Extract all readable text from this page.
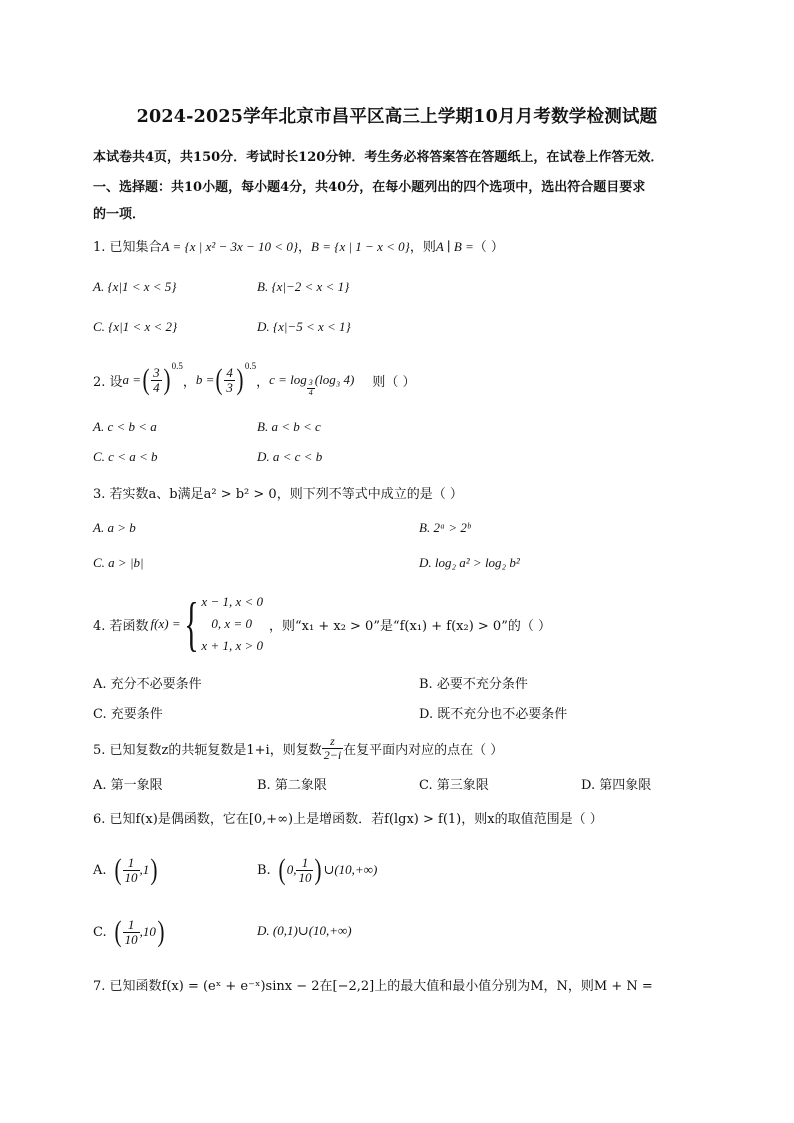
2024-2025学年北京市昌平区高三上学期10月月考数学检测试题
本试卷共4页，共150分．考试时长120分钟．考生务必将答案答在答题纸上，在试卷上作答无效．
一、选择题：共10小题，每小题4分，共40分，在每小题列出的四个选项中，选出符合题目要求
的一项．
1. 已知集合A = {x | x² − 3x − 10 < 0}，B = {x | 1 − x < 0}，则A ∣ B =（ ）
A. {x|1 < x < 5}	B. {x|−2 < x < 1}
C. {x|1 < x < 2}	D. {x|−5 < x < 1}
2. 设 a = ( $\frac{3}{4}$ ) 0.5
， b = ( $\frac{4}{3}$ ) 0.5
， $c = \log \frac{3}{4} (\log_3$ 4) 则（ ）
A. c < b < a	B. a < b < c
C. c < a < b	D. a < c < b
3. 若实数a、b满足a² > b² > 0，则下列不等式中成立的是（ ）
A. a > b	B. 2ᵃ > 2ᵇ
C. a > |b|	D. log₂ a² > log₂ b²
4. 若函数 f(x) = { x − 1, x < 0
0, x = 0
x + 1, x > 0
，则“x₁ + x₂ > 0”是“f(x₁) + f(x₂) > 0”的（ ）
A. 充分不必要条件	B. 必要不充分条件
C. 充要条件	D. 既不充分也不必要条件
5. 已知复数z的共轭复数是1+i，则复数 $\frac{z}{2-i}$ 在复平面内对应的点在（ ）
A. 第一象限	B. 第二象限	C. 第三象限	D. 第四象限
6. 已知f(x)是偶函数，它在[0,+∞)上是增函数．若f(lgx) > f(1)，则x的取值范围是（ ）
A. ( $\frac{1}{10} ,1$ )	B. ( 0, $\frac{1}{10}$ ) ∪(10,+∞)
C. ( $\frac{1}{10} ,10$ )	D. (0,1)∪(10,+∞)
7. 已知函数f(x) = (eˣ + e⁻ˣ)sinx − 2在[−2,2]上的最大值和最小值分别为M，N，则M + N =
